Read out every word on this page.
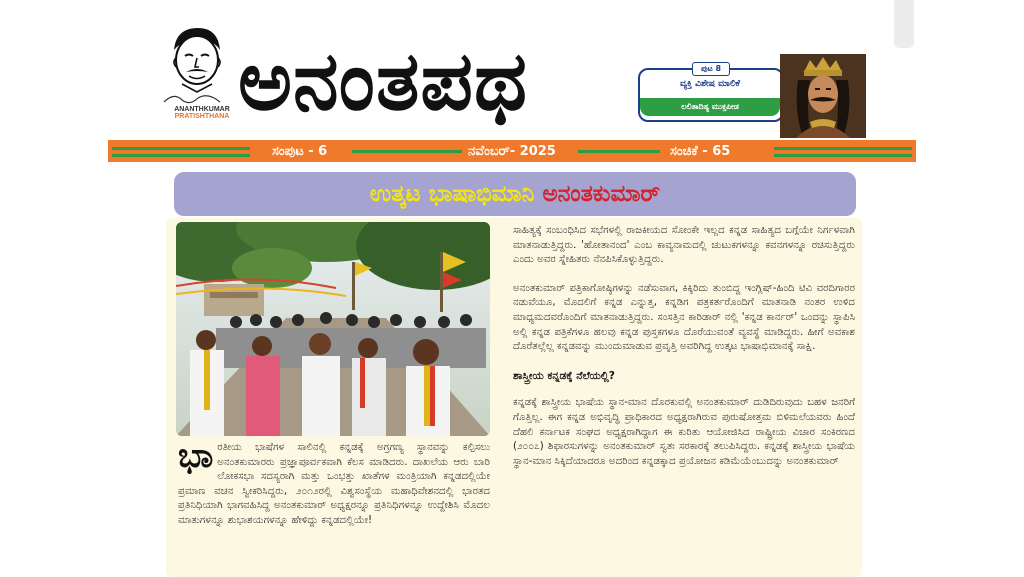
ANANTHKUMAR
PRATISHTHANA ಅನಂತಪಥ	ಪುಟ 8
ವ್ಯಕ್ತಿ ವಿಶೇಷ ಮಾಲಿಕೆ
ಲಲಿತಾದಿತ್ಯ ಮುಕ್ತಪೀಡ
ಸಂಪುಟ - 6	ನವೆಂಬರ್- 2025	ಸಂಚಿಕೆ - 65
ಉತ್ಕಟ ಭಾಷಾಭಿಮಾನಿ ಅನಂತಕುಮಾರ್
ಭಾ ರತೀಯ ಭಾಷೆಗಳ ಸಾಲಿನಲ್ಲಿ ಕನ್ನಡಕ್ಕೆ ಅಗ್ರಗಣ್ಯ ಸ್ಥಾನವನ್ನು ಕಲ್ಪಿಸಲು ಅನಂತಕುಮಾರರು ಪ್ರಜ್ಞಾಪೂರ್ವಕವಾಗಿ ಕೆಲಸ ಮಾಡಿದರು. ದಾಖಲೆಯ ಆರು ಬಾರಿ ಲೋಕಸಭಾ ಸದಸ್ಯರಾಗಿ ಮತ್ತು ಒಂಭತ್ತು ಖಾತೆಗಳ ಮಂತ್ರಿಯಾಗಿ ಕನ್ನಡದಲ್ಲಿಯೇ ಪ್ರಮಾಣ ವಚನ ಸ್ವೀಕರಿಸಿದ್ದರು, ೨೦೧೨ರಲ್ಲಿ ವಿಶ್ವಸಂಸ್ಥೆಯ ಮಹಾಧಿವೇಶನದಲ್ಲಿ ಭಾರತದ ಪ್ರತಿನಿಧಿಯಾಗಿ ಭಾಗವಹಿಸಿದ್ದ ಅನಂತಕುಮಾರ್ ಅಧ್ಯಕ್ಷರನ್ನೂ ಪ್ರತಿನಿಧಿಗಳನ್ನೂ ಉದ್ದೇಶಿಸಿ ಮೊದಲ ಮಾತುಗಳನ್ನೂ ಶುಭಾಶಯಗಳನ್ನೂ ಹೇಳಿದ್ದು ಕನ್ನಡದಲ್ಲಿಯೇ!

ಸಾಹಿತ್ಯಕ್ಕೆ ಸಂಬಂಧಿಸಿದ ಸಭೆಗಳಲ್ಲಿ ರಾಜಕೀಯದ ಸೋಂಕೇ ಇಲ್ಲದ ಕನ್ನಡ ಸಾಹಿತ್ಯದ ಬಗ್ಗೆಯೇ ನಿರ್ಗಳವಾಗಿ ಮಾತನಾಡುತ್ತಿದ್ದರು. 'ಹೋತಾನಂದ' ಎಂಬ ಕಾವ್ಯನಾಮದಲ್ಲಿ ಚುಟುಕಗಳನ್ನೂ ಕವನಗಳನ್ನೂ ರಚಿಸುತ್ತಿದ್ದರು ಎಂದು ಅವರ ಸ್ನೇಹಿತರು ನೆನಪಿಸಿಕೊಳ್ಳುತ್ತಿದ್ದರು.

ಅನಂತಕುಮಾರ್ ಪತ್ರಿಕಾಗೋಷ್ಠಿಗಳನ್ನು ನಡೆಸುವಾಗ, ಕಿಕ್ಕಿರಿದು ತುಂಬಿದ್ದ ಇಂಗ್ಲಿಷ್-ಹಿಂದಿ ಟಿವಿ ವರದಿಗಾರರ ನಡುವೆಯೂ, ಮೊದಲಿಗೆ ಕನ್ನಡ ಎನ್ನುತ್ತ, ಕನ್ನಡಿಗ ಪತ್ರಕರ್ತರೊಂದಿಗೆ ಮಾತನಾಡಿ ನಂತರ ಉಳಿದ ಮಾಧ್ಯಮದವರೊಂದಿಗೆ ಮಾತನಾಡುತ್ತಿದ್ದರು. ಸಂಸತ್ತಿನ ಕಾರಿಡಾರ್ ನಲ್ಲಿ 'ಕನ್ನಡ ಕಾರ್ನರ್' ಒಂದನ್ನು ಸ್ಥಾಪಿಸಿ ಅಲ್ಲಿ ಕನ್ನಡ ಪತ್ರಿಕೆಗಳೂ ಹಲವು ಕನ್ನಡ ಪುಸ್ತಕಗಳೂ ದೊರೆಯುವಂತೆ ವ್ಯವಸ್ಥೆ ಮಾಡಿದ್ದರು. ಹೀಗೆ ಅವಕಾಶ ದೊರೆತಲ್ಲೆಲ್ಲ ಕನ್ನಡವನ್ನು ಮುಂದುಮಾಡುವ ಪ್ರವೃತ್ತಿ ಅವರಿಗಿದ್ದ ಉತ್ಕಟ ಭಾಷಾಭಿಮಾನಕ್ಕೆ ಸಾಕ್ಷಿ.

ಶಾಸ್ತ್ರೀಯ ಕನ್ನಡಕ್ಕೆ ನೆಲೆಯಲ್ಲಿ?

ಕನ್ನಡಕ್ಕೆ ಶಾಸ್ತ್ರೀಯ ಭಾಷೆಯ ಸ್ಥಾನ-ಮಾನ ದೊರಕುವಲ್ಲಿ ಅನಂತಕುಮಾರ್ ದುಡಿದಿರುವುದು ಬಹಳ ಜನರಿಗೆ ಗೊತ್ತಿಲ್ಲ. ಈಗ ಕನ್ನಡ ಅಭಿವೃದ್ಧಿ ಪ್ರಾಧಿಕಾರದ ಅಧ್ಯಕ್ಷರಾಗಿರುವ ಪುರುಷೋತ್ತಮ ಬಿಳಿಮಲೆಯವರು ಹಿಂದೆ ದೆಹಲಿ ಕರ್ನಾಟಕ ಸಂಘದ ಅಧ್ಯಕ್ಷರಾಗಿದ್ದಾಗ ಈ ಕುರಿತು ಆಯೋಜಿಸಿದ ರಾಷ್ಟ್ರೀಯ ವಿಚಾರ ಸಂಕಿರಣದ (೨೦೦೭) ಶಿಫಾರಸುಗಳನ್ನು ಅನಂತಕುಮಾರ್ ಸ್ವತಃ ಸರಕಾರಕ್ಕೆ ತಲುಪಿಸಿದ್ದರು. ಕನ್ನಡಕ್ಕೆ ಶಾಸ್ತ್ರೀಯ ಭಾಷೆಯ ಸ್ಥಾನ-ಮಾನ ಸಿಕ್ಕಿದೆಯಾದರೂ ಅದರಿಂದ ಕನ್ನಡಕ್ಕಾದ ಪ್ರಯೋಜನ ಕಡಿಮೆಯೆಂಬುದನ್ನು ಅನಂತಕುಮಾರ್
